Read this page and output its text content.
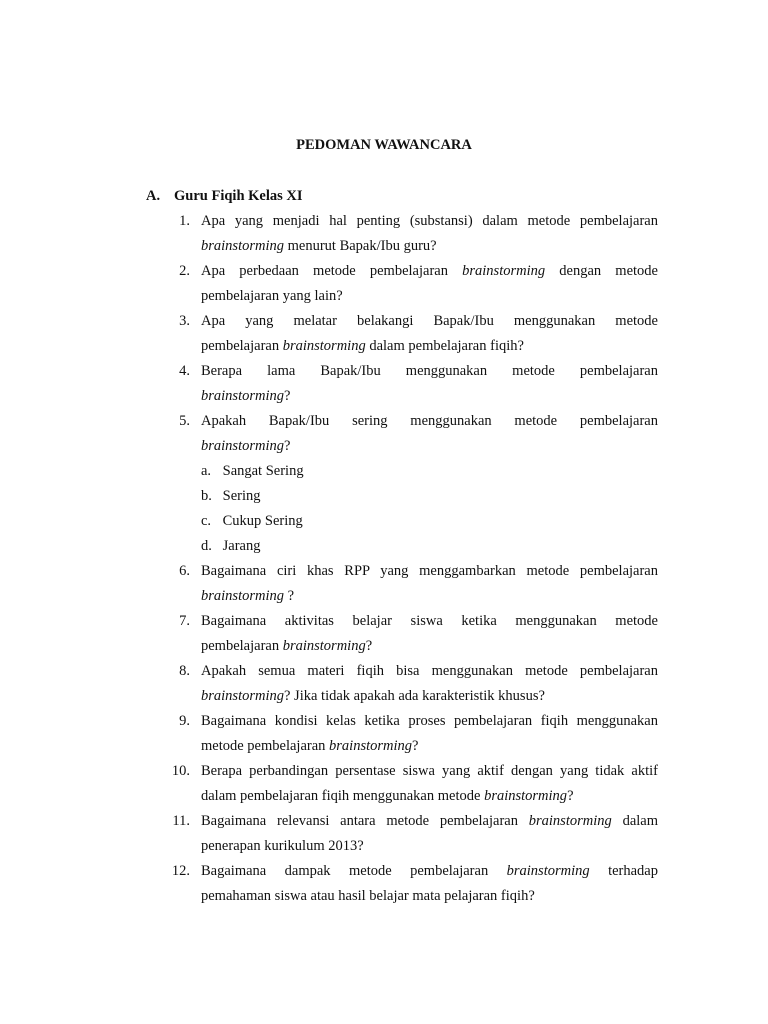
PEDOMAN WAWANCARA
A. Guru Fiqih Kelas XI
1. Apa yang menjadi hal penting (substansi) dalam metode pembelajaran
brainstorming menurut Bapak/Ibu guru?
2. Apa perbedaan metode pembelajaran brainstorming dengan metode
pembelajaran yang lain?
3. Apa yang melatar belakangi Bapak/Ibu menggunakan metode
pembelajaran brainstorming dalam pembelajaran fiqih?
4. Berapa lama Bapak/Ibu menggunakan metode pembelajaran
brainstorming?
5. Apakah Bapak/Ibu sering menggunakan metode pembelajaran
brainstorming?
a. Sangat Sering
b. Sering
c. Cukup Sering
d. Jarang
6. Bagaimana ciri khas RPP yang menggambarkan metode pembelajaran
brainstorming ?
7. Bagaimana aktivitas belajar siswa ketika menggunakan metode
pembelajaran brainstorming?
8. Apakah semua materi fiqih bisa menggunakan metode pembelajaran
brainstorming? Jika tidak apakah ada karakteristik khusus?
9. Bagaimana kondisi kelas ketika proses pembelajaran fiqih menggunakan
metode pembelajaran brainstorming?
10. Berapa perbandingan persentase siswa yang aktif dengan yang tidak aktif
dalam pembelajaran fiqih menggunakan metode brainstorming?
11. Bagaimana relevansi antara metode pembelajaran brainstorming dalam
penerapan kurikulum 2013?
12. Bagaimana dampak metode pembelajaran brainstorming terhadap
pemahaman siswa atau hasil belajar mata pelajaran fiqih?
